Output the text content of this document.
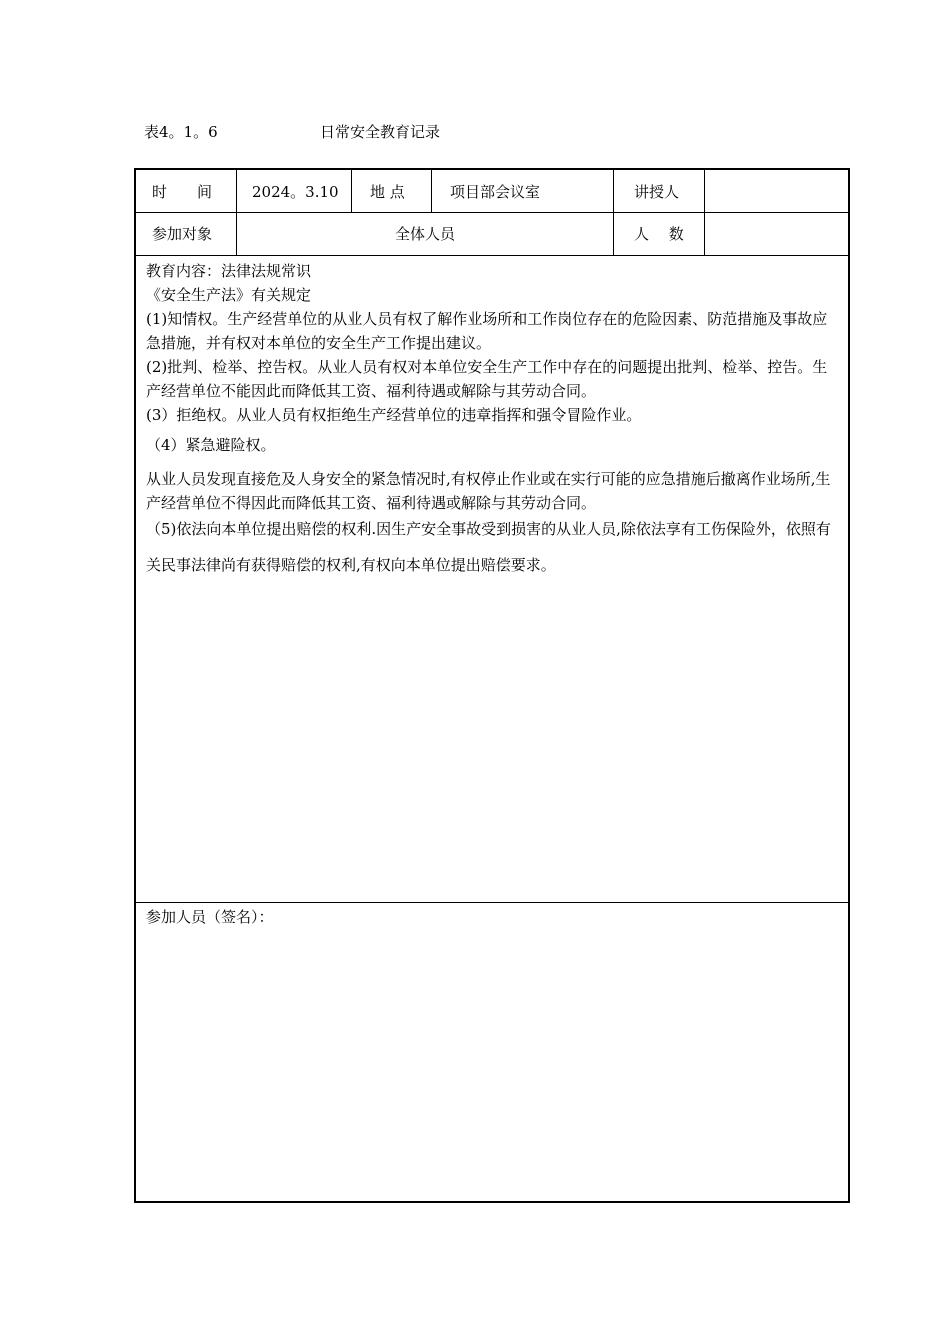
表4。1。6	日常安全教育记录
时　　间	2024。3.10	地 点	项目部会议室	讲授人
参加对象	全体人员	人　 数

教育内容：法律法规常识

《安全生产法》有关规定

(1)知情权。生产经营单位的从业人员有权了解作业场所和工作岗位存在的危险因素、防范措施及事故应急措施，并有权对本单位的安全生产工作提出建议。

(2)批判、检举、控告权。从业人员有权对本单位安全生产工作中存在的问题提出批判、检举、控告。生产经营单位不能因此而降低其工资、福利待遇或解除与其劳动合同。

(3）拒绝权。从业人员有权拒绝生产经营单位的违章指挥和强令冒险作业。

（4）紧急避险权。

从业人员发现直接危及人身安全的紧急情况时,有权停止作业或在实行可能的应急措施后撤离作业场所,生产经营单位不得因此而降低其工资、福利待遇或解除与其劳动合同。

（5)依法向本单位提出赔偿的权利.因生产安全事故受到损害的从业人员,除依法享有工伤保险外，依照有关民事法律尚有获得赔偿的权利,有权向本单位提出赔偿要求。

参加人员（签名）：
